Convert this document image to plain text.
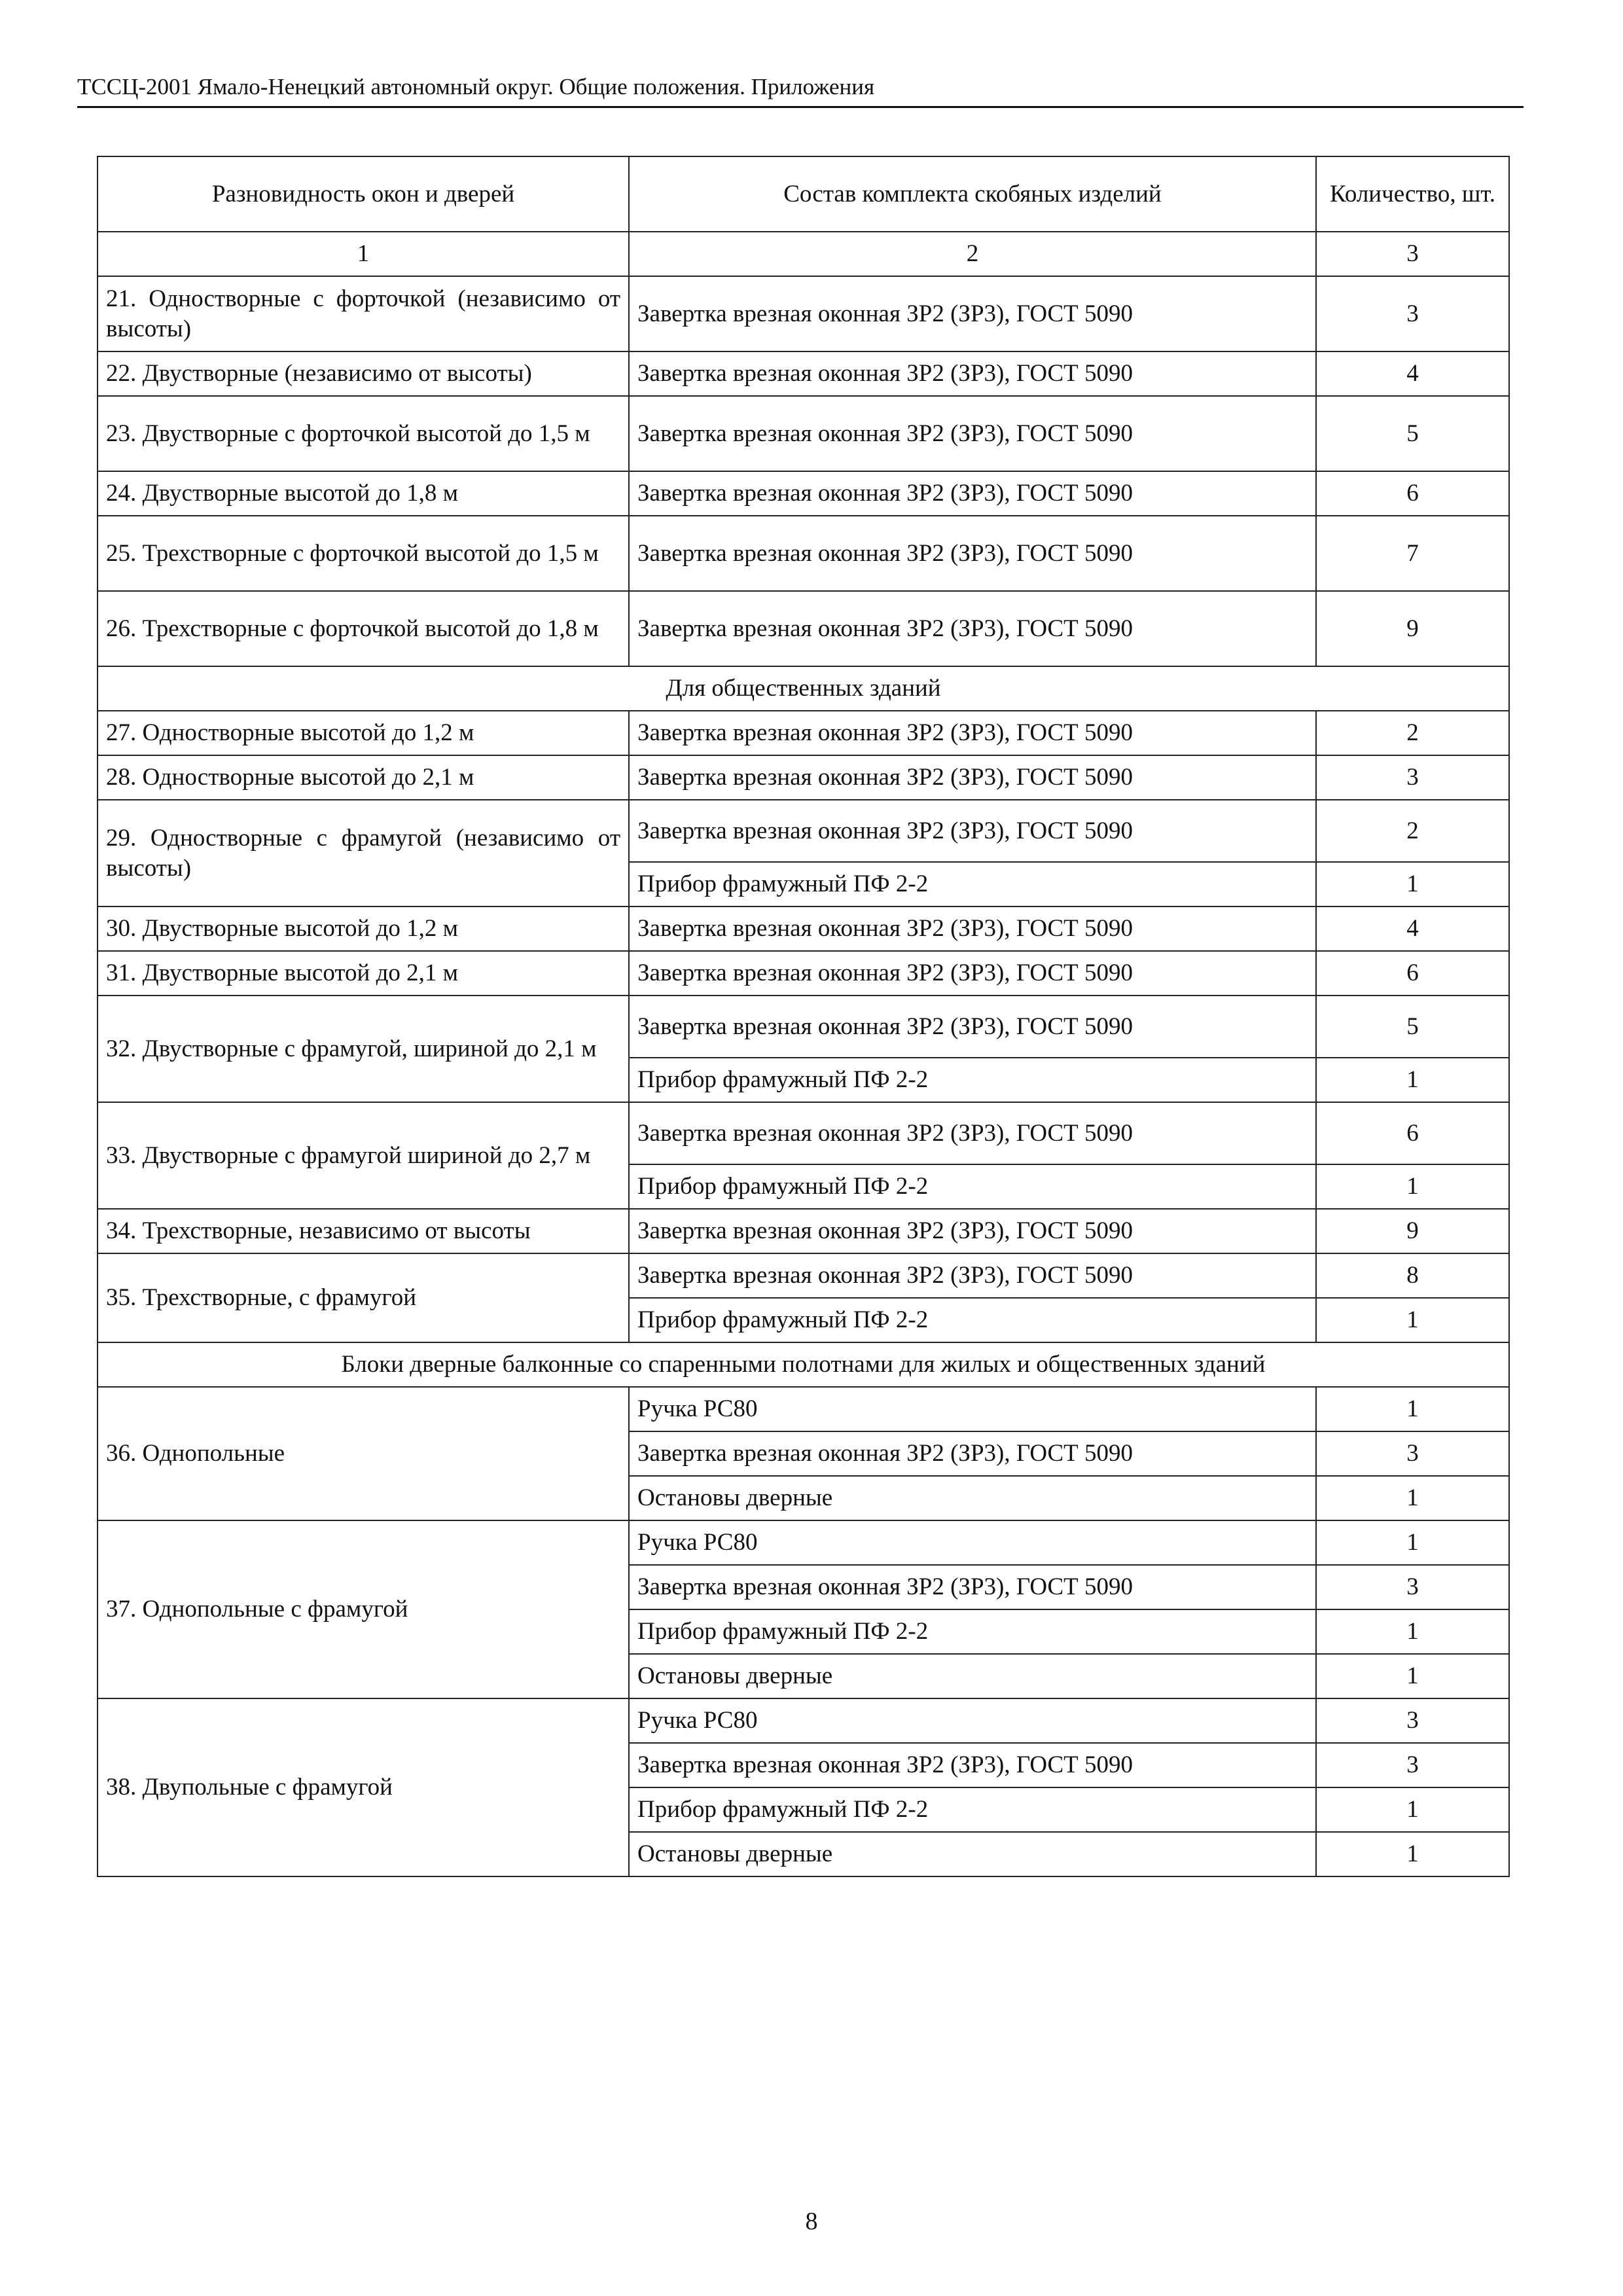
ТССЦ-2001 Ямало-Ненецкий автономный округ. Общие положения. Приложения
Разновидность окон и дверей	Состав комплекта скобяных изделий	Количество, шт.
1	2	3
21. Одностворные с форточкой (независимо от высоты)	Завертка врезная оконная ЗР2 (ЗР3), ГОСТ 5090	3
22. Двустворные (независимо от высоты)	Завертка врезная оконная ЗР2 (ЗР3), ГОСТ 5090	4
23. Двустворные с форточкой высотой до 1,5 м	Завертка врезная оконная ЗР2 (ЗР3), ГОСТ 5090	5
24. Двустворные высотой до 1,8 м	Завертка врезная оконная ЗР2 (ЗР3), ГОСТ 5090	6
25. Трехстворные с форточкой высотой до 1,5 м	Завертка врезная оконная ЗР2 (ЗР3), ГОСТ 5090	7
26. Трехстворные с форточкой высотой до 1,8 м	Завертка врезная оконная ЗР2 (ЗР3), ГОСТ 5090	9
Для общественных зданий		
27. Одностворные высотой до 1,2 м	Завертка врезная оконная ЗР2 (ЗР3), ГОСТ 5090	2
28. Одностворные высотой до 2,1 м	Завертка врезная оконная ЗР2 (ЗР3), ГОСТ 5090	3
29. Одностворные с фрамугой (независимо от высоты)	Завертка врезная оконная ЗР2 (ЗР3), ГОСТ 5090	2
	Прибор фрамужный ПФ 2-2	1
30. Двустворные высотой до 1,2 м	Завертка врезная оконная ЗР2 (ЗР3), ГОСТ 5090	4
31. Двустворные высотой до 2,1 м	Завертка врезная оконная ЗР2 (ЗР3), ГОСТ 5090	6
32. Двустворные с фрамугой, шириной до 2,1 м	Завертка врезная оконная ЗР2 (ЗР3), ГОСТ 5090	5
	Прибор фрамужный ПФ 2-2	1
33. Двустворные с фрамугой шириной до 2,7 м	Завертка врезная оконная ЗР2 (ЗР3), ГОСТ 5090	6
	Прибор фрамужный ПФ 2-2	1
34. Трехстворные, независимо от высоты	Завертка врезная оконная ЗР2 (ЗР3), ГОСТ 5090	9
35. Трехстворные, с фрамугой	Завертка врезная оконная ЗР2 (ЗР3), ГОСТ 5090	8
	Прибор фрамужный ПФ 2-2	1
Блоки дверные балконные со спаренными полотнами для жилых и общественных зданий		
36. Однопольные	Ручка РС80	1
	Завертка врезная оконная ЗР2 (ЗР3), ГОСТ 5090	3
	Остановы дверные	1
37. Однопольные с фрамугой	Ручка РС80	1
	Завертка врезная оконная ЗР2 (ЗР3), ГОСТ 5090	3
	Прибор фрамужный ПФ 2-2	1
	Остановы дверные	1
38. Двупольные с фрамугой	Ручка РС80	3
	Завертка врезная оконная ЗР2 (ЗР3), ГОСТ 5090	3
	Прибор фрамужный ПФ 2-2	1
	Остановы дверные	1
8
